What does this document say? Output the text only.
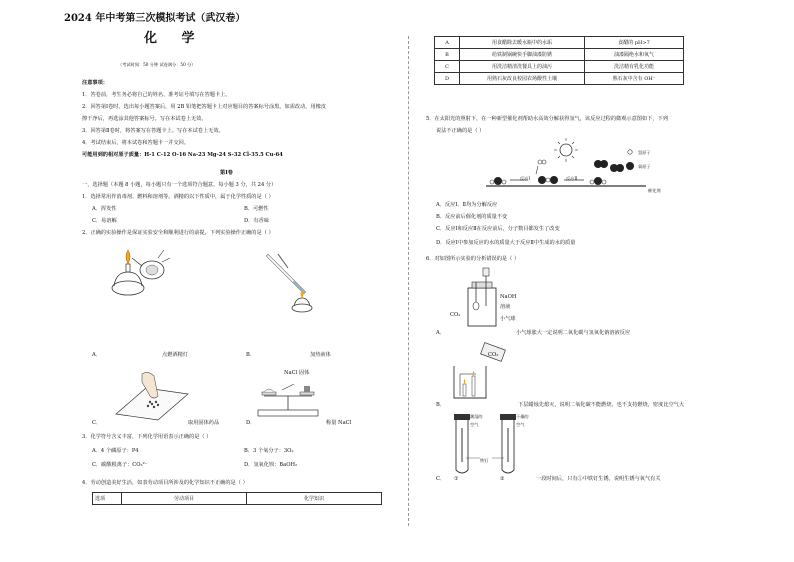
2024 年中考第三次模拟考试（武汉卷）
化 学
（考试时间：50 分钟 试卷满分：50 分）
注意事项：
1．答卷前，考生务必将自己的姓名、准考证号填写在答题卡上。
2．回答第Ⅰ卷时，选出每小题答案后，用 2B 铅笔把答题卡上对应题目的答案标号涂黑。如需改动，用橡皮
擦干净后，再选涂其他答案标号。写在本试卷上无效。
3．回答第Ⅱ卷时，将答案写在答题卡上。写在本试卷上无效。
4．考试结束后，将本试卷和答题卡一并交回。
可能用到的相对原子质量：H-1 C-12 O-16 Na-23 Mg-24 S-32 Cl-35.5 Cu-64
第Ⅰ卷
一、选择题（本题 8 小题，每小题只有一个选项符合题意。每小题 3 分，共 24 分）
1．选择常用作消毒剂、燃料和溶剂等。酒精的以下性质中，属于化学性质的是（ ）
A．挥发性	B．可燃性
C．易溶解	D．有香味
2．正确的实验操作是保证实验安全和顺利进行的前提，下列实验操作正确的是（ ）
A．	点燃酒精灯	B．	加热液体
C．	取用固体药品
NaCl 固体
D．	称量 NaCl
3．化学符号含义丰富，下列化学用语表示正确的是（ ）
A．4 个磷原子：P4	B．3 个氧分子：3O₂
C．碳酸根离子：CO₃²⁻	D．氢氧化钡：BaOH₂
4．劳动创造美好生活，如表劳动项目所涉及的化学知识不正确的是（ ）
选项	劳动项目	化学知识
A	用食醋除去暖水瓶中的水垢	食醋的 pH>7
B	给铁制锅碗快手脚油漆防锈	油漆隔绝水和氧气
C	用洗洁精清洗餐具上的油污	洗洁精有乳化功能
D	用熟石灰改良校园农场酸性土壤	熟石灰中含有 OH⁻
5．在太阳光的照射下，在一种新型催化剂帮助水高效分解获得氢气，该反应过程的微观示意图如下，下列
说法不正确的是（ ）
反应Ⅰ	反应Ⅱ
催化剂
氢原子
氧原子
A．反应Ⅰ、Ⅱ均为分解反应
B．反应前后催化剂的质量不变
C．反应Ⅰ和反应Ⅱ在反应前后，分子数目都发生了改变
D．反应Ⅰ中参加反应的水的质量大于反应Ⅱ中生成的水的质量
6．对如图所示实验的分析错误的是（ ）
NaOH
溶液
小气球
CO₂
A．	小气球胀大一定说明二氧化碳与氢氧化钠溶液反应
CO₂
B．	下层蜡烛先熄灭，说明二氧化碳不能燃烧、也不支持燃烧，密度比空气大
潮湿的
空气
干燥的
空气
铁钉
C． ①	②	一段时间后，只有①中铁钉生锈，说明生锈与氧气有关
